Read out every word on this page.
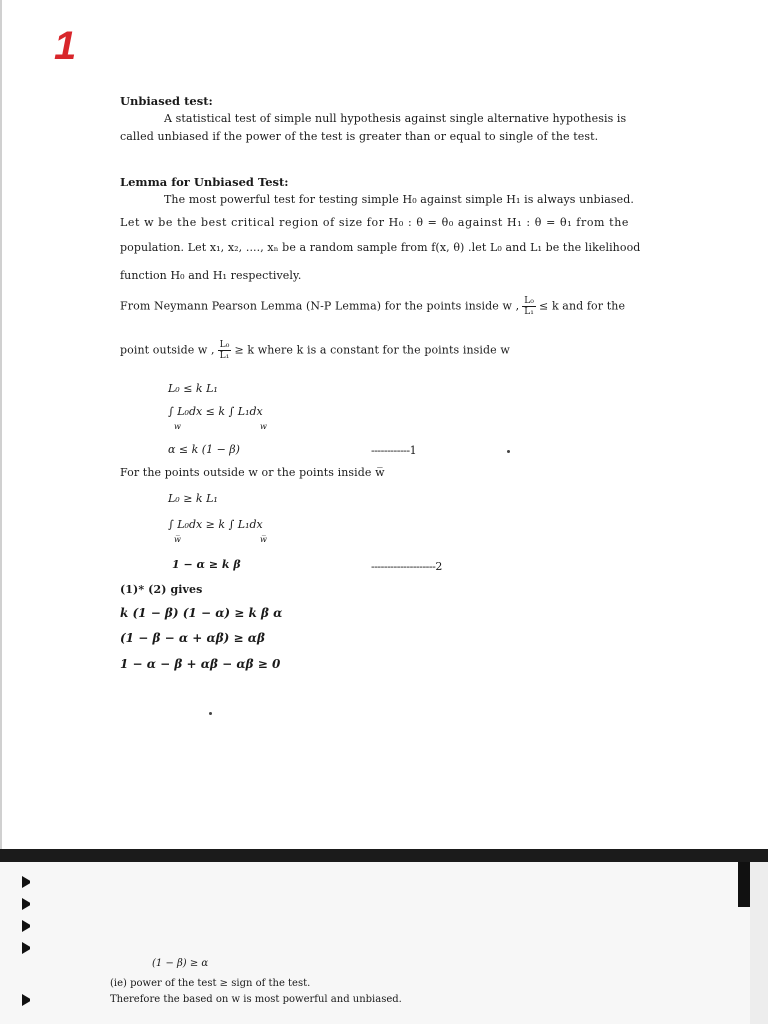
1
Unbiased test:
A statistical test of simple null hypothesis against single alternative hypothesis is
called unbiased if the power of the test is greater than or equal to single of the test.
Lemma for Unbiased Test:
The most powerful test for testing simple H₀ against simple H₁ is always unbiased.
Let w be the best critical region of size for H₀ : θ = θ₀ against H₁ : θ = θ₁ from the
population. Let x₁, x₂, ...., xₙ be a random sample from f(x, θ) .let L₀ and L₁ be the likelihood
function H₀ and H₁ respectively.
From Neymann Pearson Lemma (N-P Lemma) for the points inside w , $\frac{\text{L₀}}{\text{L₁}} \le k$ and for the
point outside w , $\frac{\text{L₀}}{\text{L₁}} \ge k$ where k is a constant for the points inside w
L₀ ≤ k L₁
∫ L₀dx ≤ k ∫ L₁dx
w	w
α ≤ k (1 − β)	------------1
For the points outside w or the points inside w̅
L₀ ≥ k L₁
∫ L₀dx ≥ k ∫ L₁dx
w̅	w̅
1 − α ≥ k β	--------------------2
(1)* (2) gives
k (1 − β) (1 − α) ≥ k β α
(1 − β − α + αβ) ≥ αβ
1 − α − β + αβ − αβ ≥ 0
(1 − β) ≥ α
(ie) power of the test ≥ sign of the test.
Therefore the based on w is most powerful and unbiased.
